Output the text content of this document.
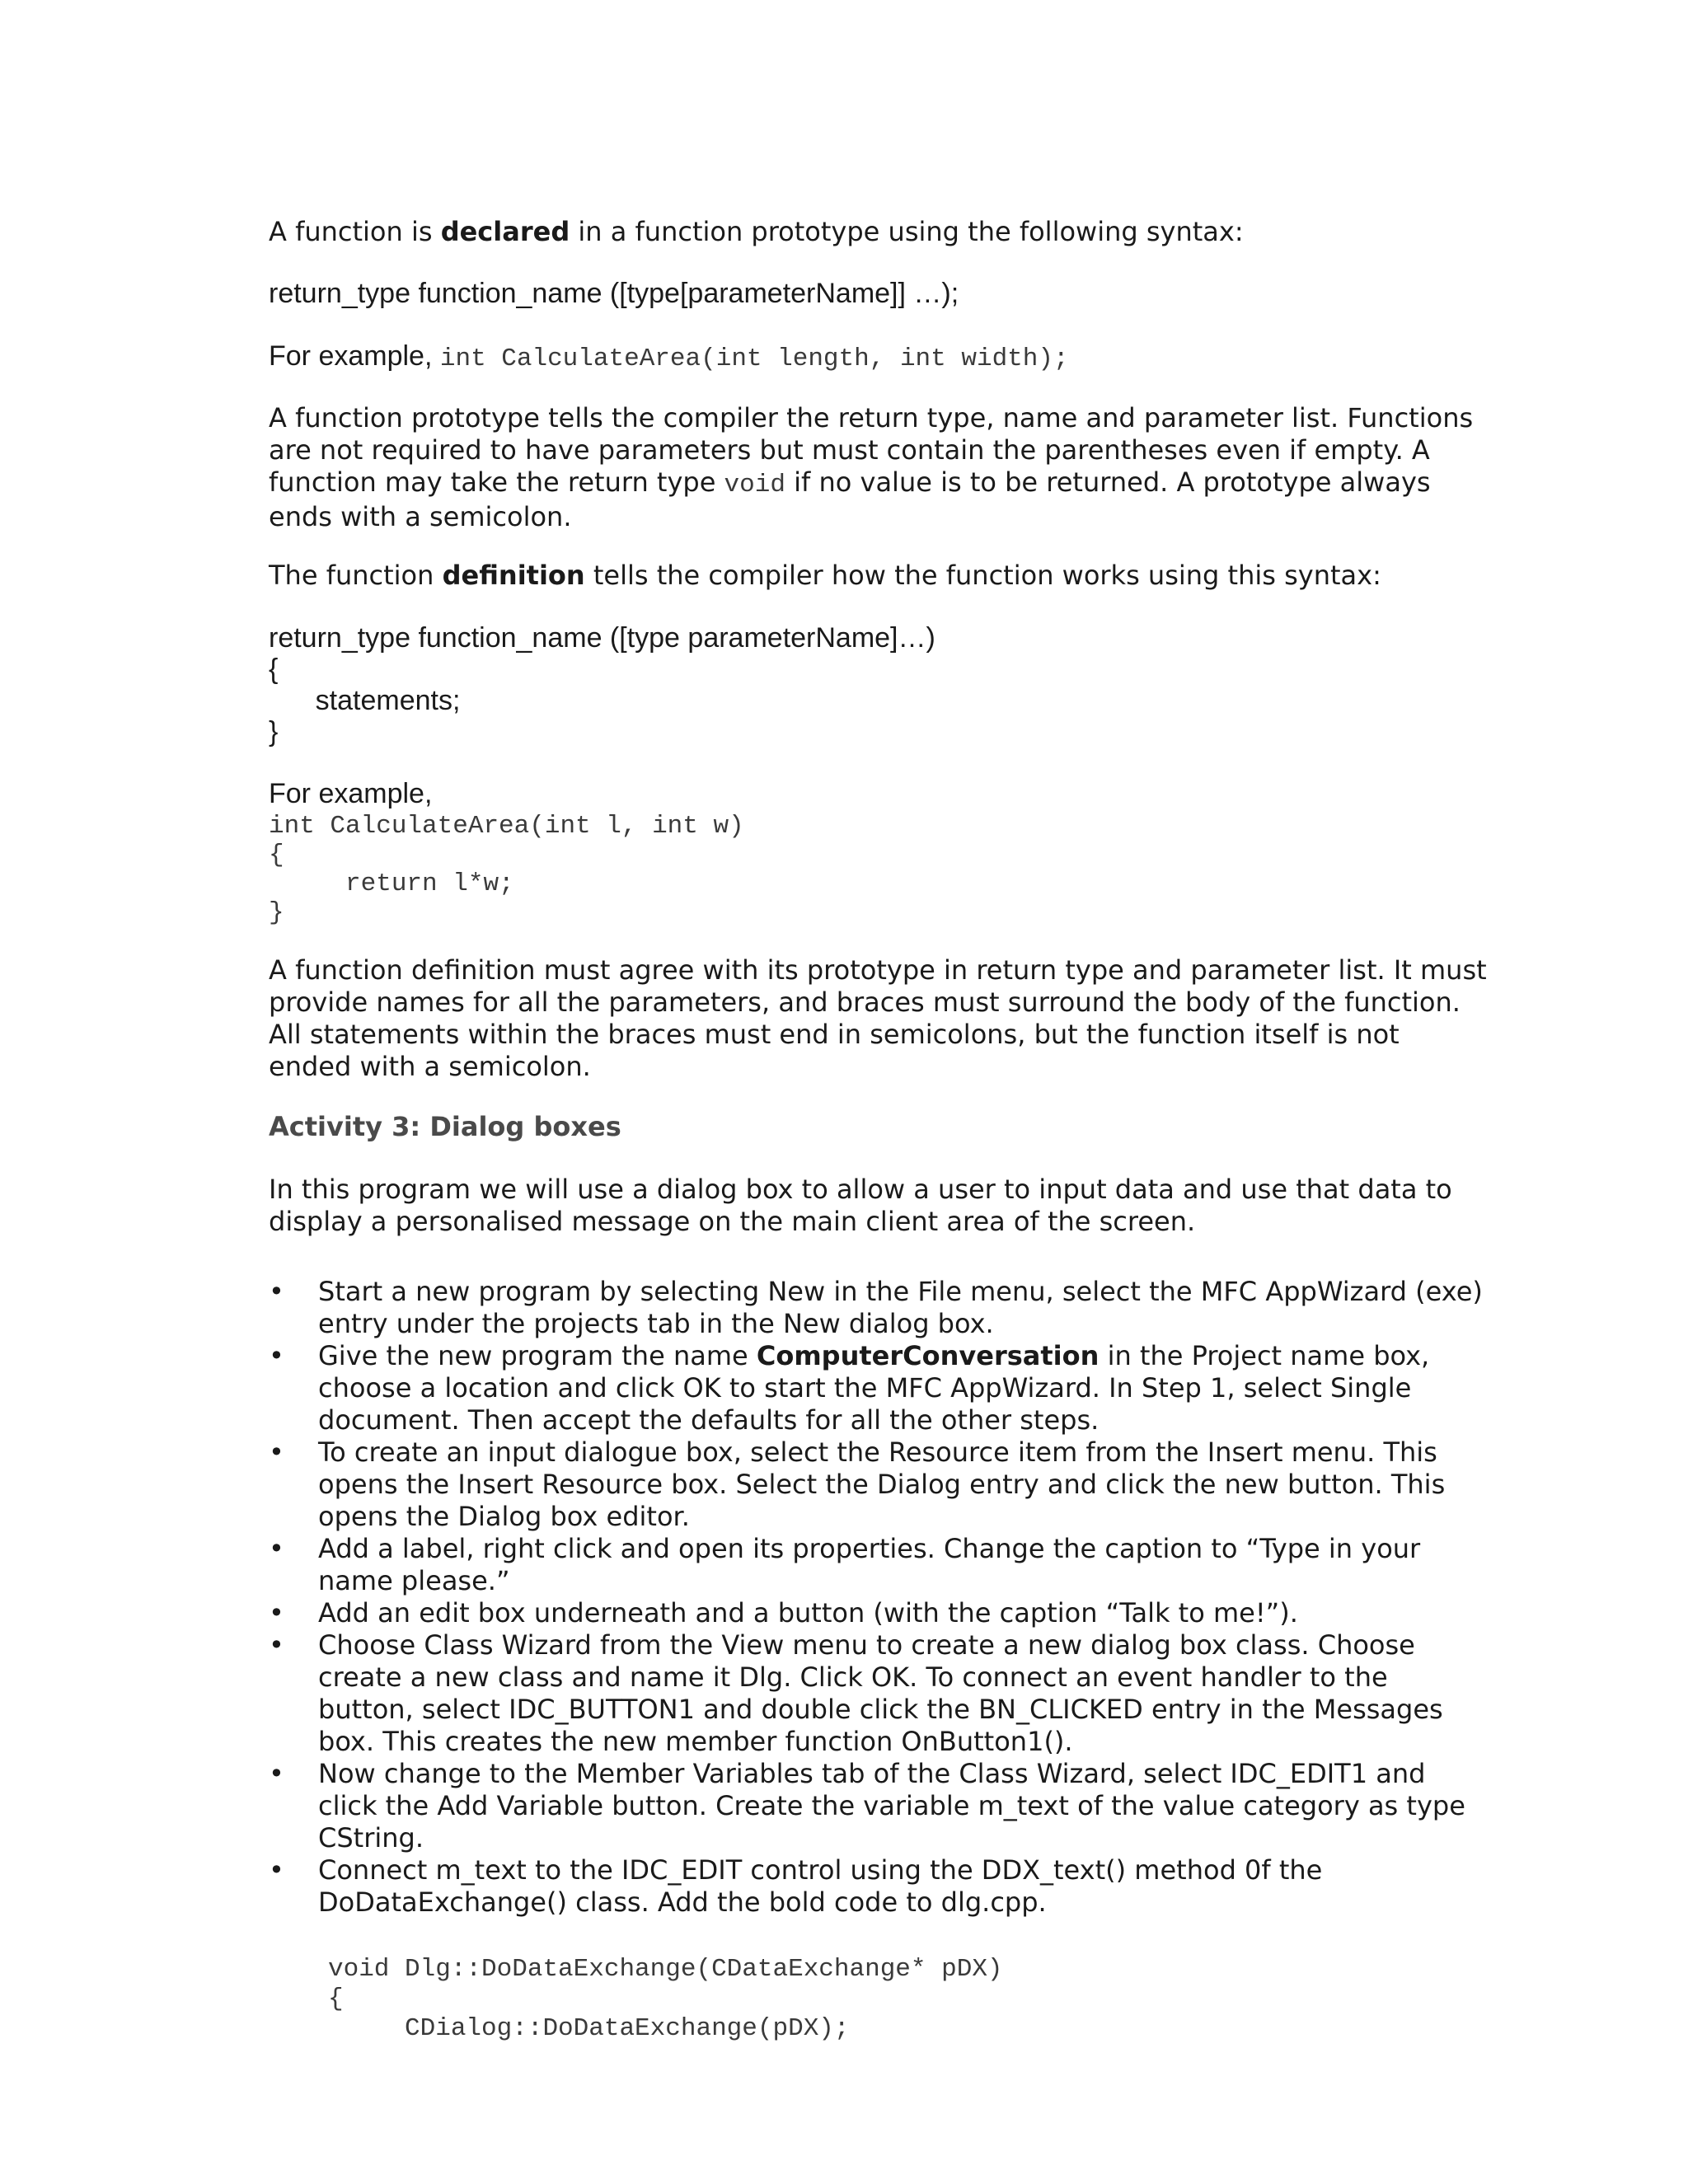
A function is declared in a function prototype using the following syntax:
return_type function_name ([type[parameterName]] …);
For example, int CalculateArea(int length, int width);
A function prototype tells the compiler the return type, name and parameter list. Functions are not required to have parameters but must contain the parentheses even if empty. A function may take the return type void if no value is to be returned. A prototype always ends with a semicolon.
The function definition tells the compiler how the function works using this syntax:
return_type function_name ([type parameterName]…)
{
statements;
}
For example,
int CalculateArea(int l, int w)
{
return l*w;
}
A function definition must agree with its prototype in return type and parameter list. It must provide names for all the parameters, and braces must surround the body of the function. All statements within the braces must end in semicolons, but the function itself is not ended with a semicolon.
Activity 3: Dialog boxes
In this program we will use a dialog box to allow a user to input data and use that data to display a personalised message on the main client area of the screen.
• Start a new program by selecting New in the File menu, select the MFC AppWizard (exe) entry under the projects tab in the New dialog box.
• Give the new program the name ComputerConversation in the Project name box, choose a location and click OK to start the MFC AppWizard. In Step 1, select Single document. Then accept the defaults for all the other steps.
• To create an input dialogue box, select the Resource item from the Insert menu. This opens the Insert Resource box. Select the Dialog entry and click the new button. This opens the Dialog box editor.
• Add a label, right click and open its properties. Change the caption to “Type in your name please.”
• Add an edit box underneath and a button (with the caption “Talk to me!”).
• Choose Class Wizard from the View menu to create a new dialog box class. Choose create a new class and name it Dlg. Click OK. To connect an event handler to the button, select IDC_BUTTON1 and double click the BN_CLICKED entry in the Messages box. This creates the new member function OnButton1().
• Now change to the Member Variables tab of the Class Wizard, select IDC_EDIT1 and click the Add Variable button. Create the variable m_text of the value category as type CString.
• Connect m_text to the IDC_EDIT control using the DDX_text() method 0f the DoDataExchange() class. Add the bold code to dlg.cpp.
void Dlg::DoDataExchange(CDataExchange* pDX)
{
CDialog::DoDataExchange(pDX);
